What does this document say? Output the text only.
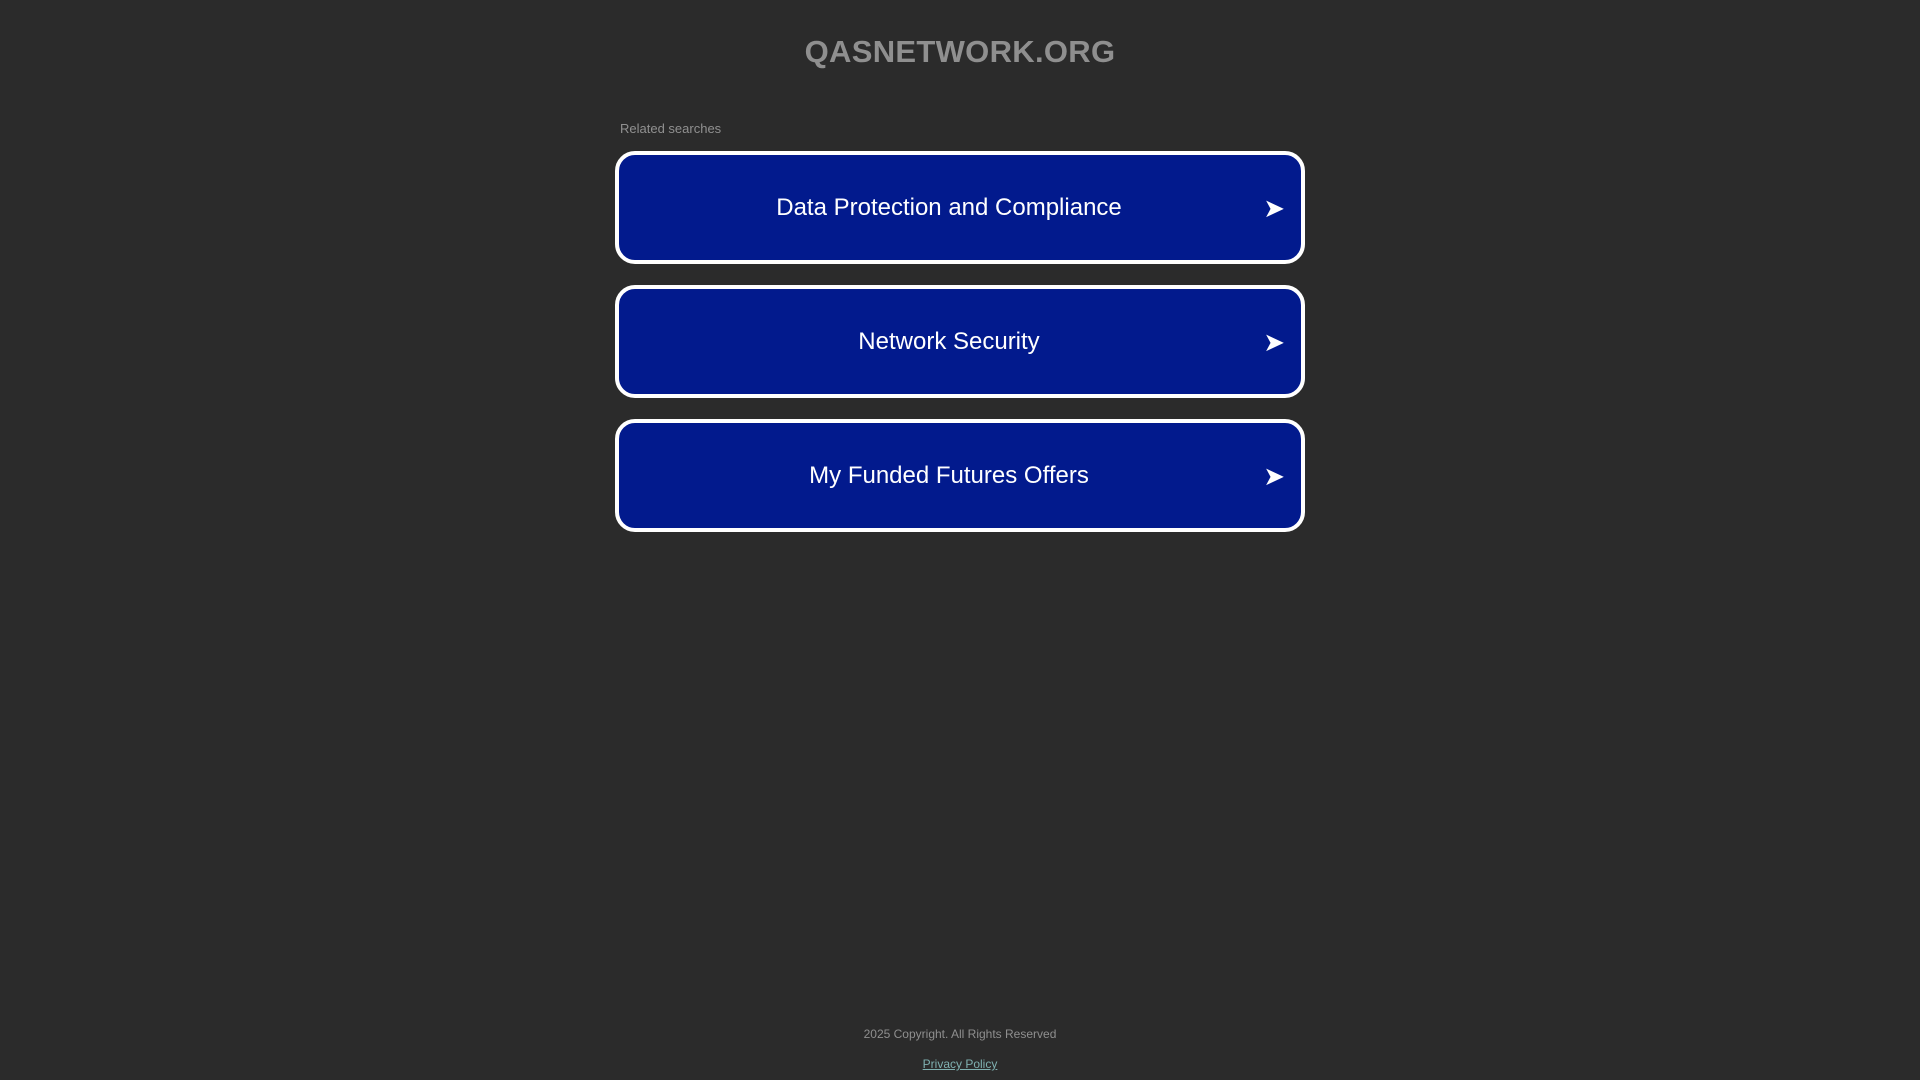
QASNETWORK.ORG
Related searches
Data Protection and Compliance	➤
Network Security	➤
My Funded Futures Offers	➤
2025 Copyright. All Rights Reserved
Privacy Policy
